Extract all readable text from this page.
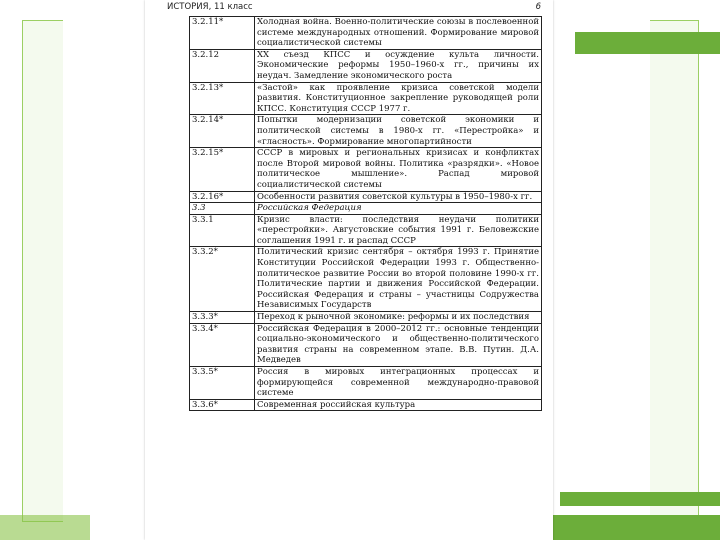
ИСТОРИЯ, 11 класс	6
3.2.11*	Холодная война. Военно-политические союзы в послевоенной системе международных отношений. Формирование мировой социалистической системы
3.2.12	XX съезд КПСС и осуждение культа личности. Экономические реформы 1950–1960-х гг., причины их неудач. Замедление экономического роста
3.2.13*	«Застой» как проявление кризиса советской модели развития. Конституционное закрепление руководящей роли КПСС. Конституция СССР 1977 г.
3.2.14*	Попытки модернизации советской экономики и политической системы в 1980-х гг. «Перестройка» и «гласность». Формирование многопартийности
3.2.15*	СССР в мировых и региональных кризисах и конфликтах после Второй мировой войны. Политика «разрядки». «Новое политическое мышление». Распад мировой социалистической системы
3.2.16*	Особенности развития советской культуры в 1950–1980-х гг.
3.3	Российская Федерация
3.3.1	Кризис власти: последствия неудачи политики «перестройки». Августовские события 1991 г. Беловежские соглашения 1991 г. и распад СССР
3.3.2*	Политический кризис сентября – октября 1993 г. Принятие Конституции Российской Федерации 1993 г. Общественно-политическое развитие России во второй половине 1990-х гг. Политические партии и движения Российской Федерации. Российская Федерация и страны – участницы Содружества Независимых Государств
3.3.3*	Переход к рыночной экономике: реформы и их последствия
3.3.4*	Российская Федерация в 2000–2012 гг.: основные тенденции социально-экономического и общественно-политического развития страны на современном этапе. В.В. Путин. Д.А. Медведев
3.3.5*	Россия в мировых интеграционных процессах и формирующейся современной международно-правовой системе
3.3.6*	Современная российская культура
